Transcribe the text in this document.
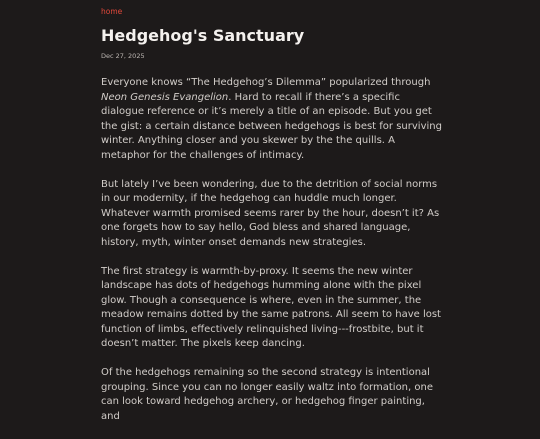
home
Hedgehog's Sanctuary
Dec 27, 2025

Everyone knows “The Hedgehog’s Dilemma” popularized through Neon Genesis Evangelion. Hard to recall if there’s a specific dialogue reference or it’s merely a title of an episode. But you get the gist: a certain distance between hedgehogs is best for surviving winter. Anything closer and you skewer by the the quills. A metaphor for the challenges of intimacy.

But lately I’ve been wondering, due to the detrition of social norms in our modernity, if the hedgehog can huddle much longer. Whatever warmth promised seems rarer by the hour, doesn’t it? As one forgets how to say hello, God bless and shared language, history, myth, winter onset demands new strategies.

The first strategy is warmth-by-proxy. It seems the new winter landscape has dots of hedgehogs humming alone with the pixel glow. Though a consequence is where, even in the summer, the meadow remains dotted by the same patrons. All seem to have lost function of limbs, effectively relinquished living---frostbite, but it doesn’t matter. The pixels keep dancing.

Of the hedgehogs remaining so the second strategy is intentional grouping. Since you can no longer easily waltz into formation, one can look toward hedgehog archery, or hedgehog finger painting, and
